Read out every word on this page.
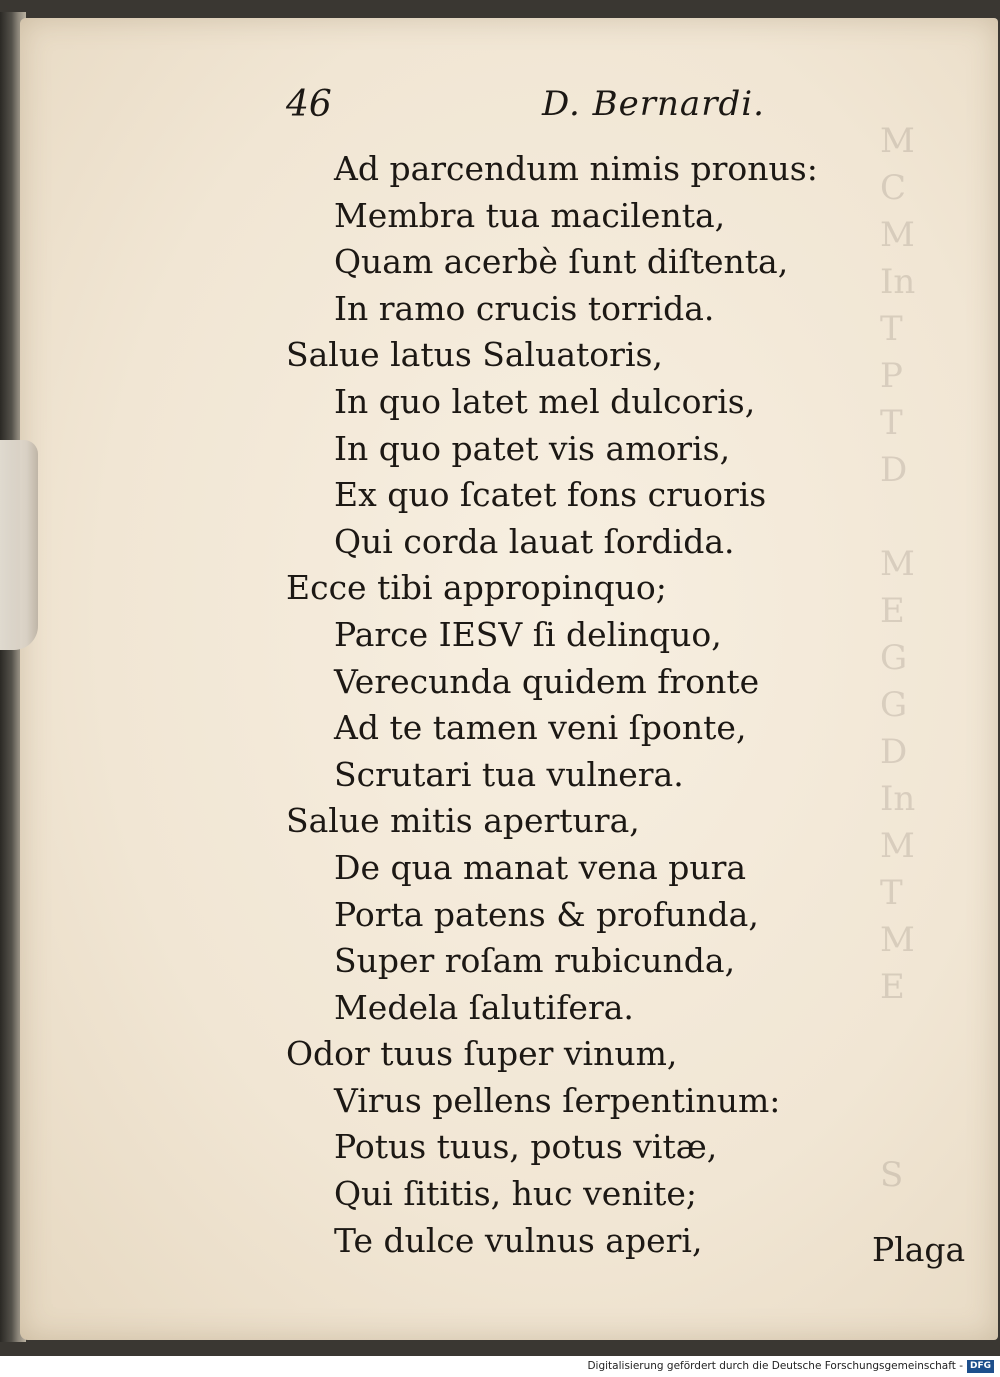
M
C
M
In
T
P
T
D

M
E
G
G
D
In
M
T
M
E

S
46	D. Bernardi.
Ad parcendum nimis pronus:
Membra tua macilenta,
Quam acerbè ſunt diſtenta,
In ramo crucis torrida.
Salue latus Saluatoris,
In quo latet mel dulcoris,
In quo patet vis amoris,
Ex quo ſcatet fons cruoris
Qui corda lauat ſordida.
Ecce tibi appropinquo;
Parce IESV ſi delinquo,
Verecunda quidem fronte
Ad te tamen veni ſponte,
Scrutari tua vulnera.
Salue mitis apertura,
De qua manat vena pura
Porta patens & profunda,
Super roſam rubicunda,
Medela ſalutifera.
Odor tuus ſuper vinum,
Virus pellens ſerpentinum:
Potus tuus, potus vitæ,
Qui ſititis, huc venite;
Te dulce vulnus aperi,	Plaga
Digitalisierung gefördert durch die Deutsche Forschungsgemeinschaft - DFG
